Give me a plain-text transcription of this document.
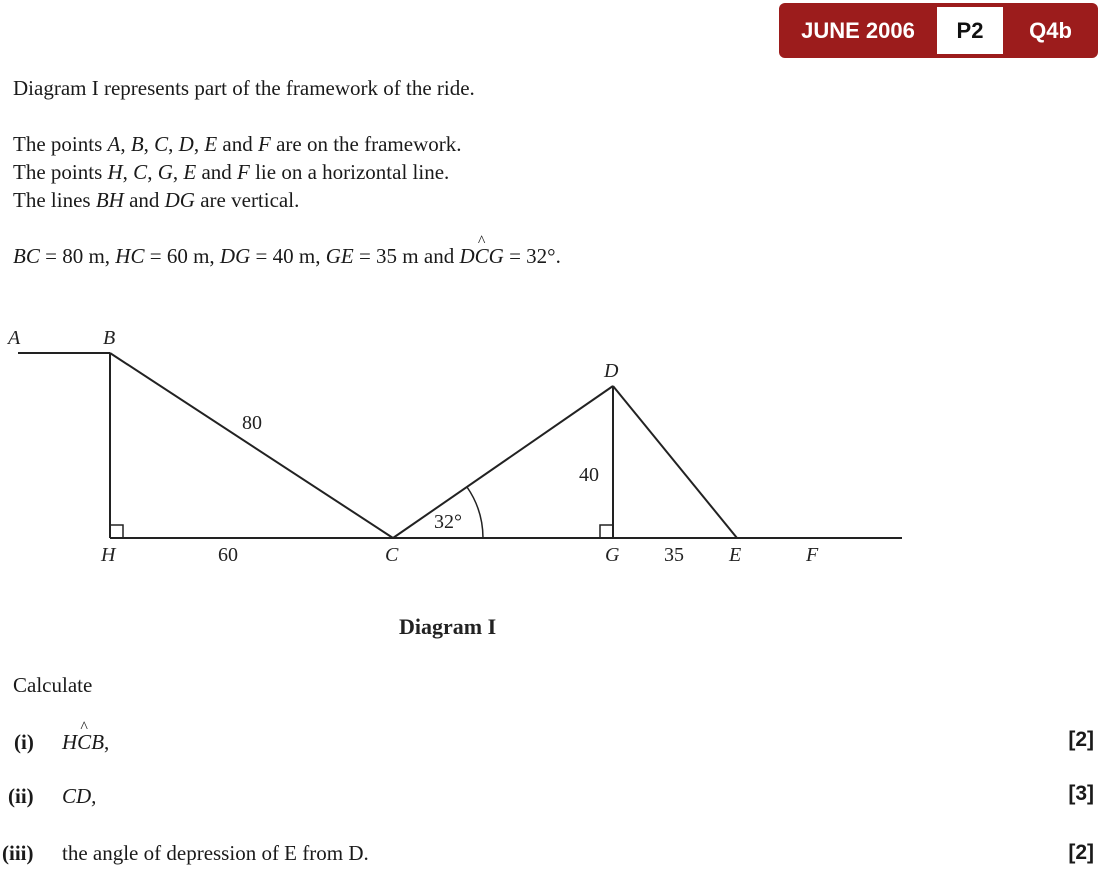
JUNE 2006	P2	Q4b
Diagram I represents part of the framework of the ride.
The points A, B, C, D, E and F are on the framework.
The points H, C, G, E and F lie on a horizontal line.
The lines BH and DG are vertical.
BC = 80 m, HC = 60 m, DG = 40 m, GE = 35 m and D^ CG = 32°.
A	B
D
H	C	G	E	F
80
60
40
35
32°
Diagram I
Calculate
(i) H^ CB,	[2]
(ii) CD,	[3]
(iii) the angle of depression of E from D.	[2]
